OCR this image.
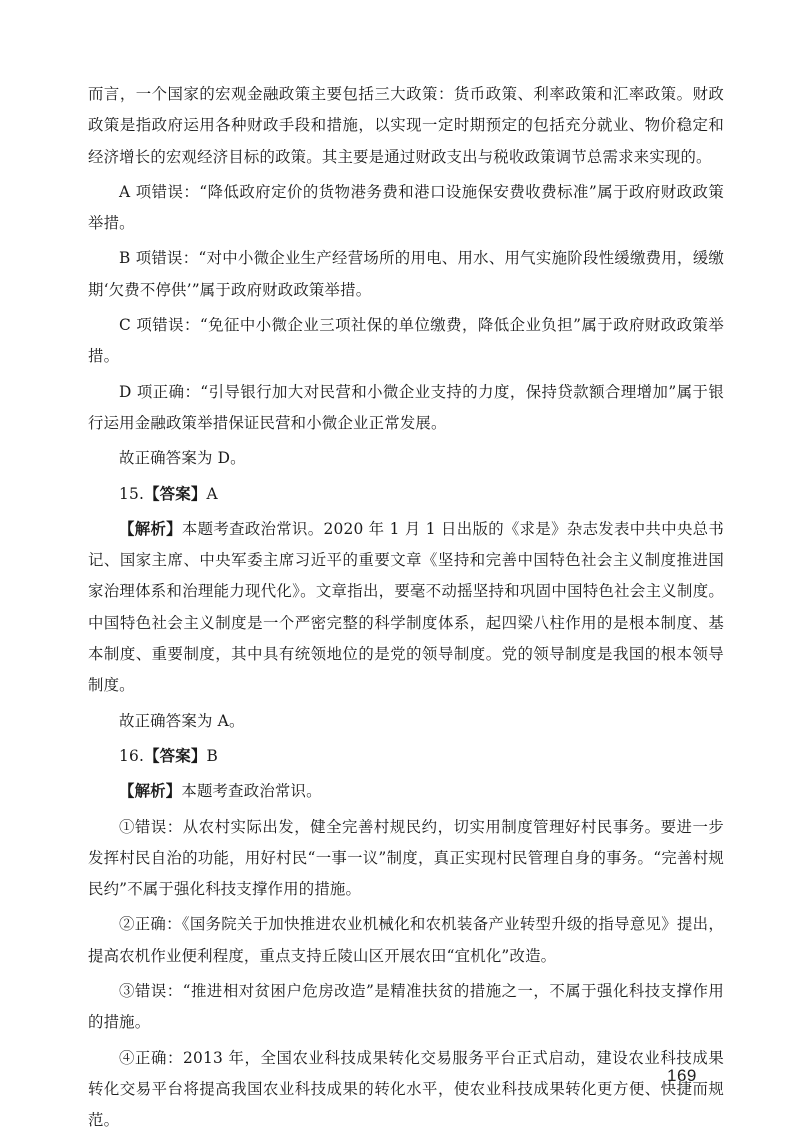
而言，一个国家的宏观金融政策主要包括三大政策：货币政策、利率政策和汇率政策。财政政策是指政府运用各种财政手段和措施，以实现一定时期预定的包括充分就业、物价稳定和经济增长的宏观经济目标的政策。其主要是通过财政支出与税收政策调节总需求来实现的。

A 项错误：“降低政府定价的货物港务费和港口设施保安费收费标准”属于政府财政政策举措。

B 项错误：“对中小微企业生产经营场所的用电、用水、用气实施阶段性缓缴费用，缓缴期‘欠费不停供’”属于政府财政政策举措。

C 项错误：“免征中小微企业三项社保的单位缴费，降低企业负担”属于政府财政政策举措。

D 项正确：“引导银行加大对民营和小微企业支持的力度，保持贷款额合理增加”属于银行运用金融政策举措保证民营和小微企业正常发展。

故正确答案为 D。

15.【答案】A

【解析】本题考查政治常识。2020 年 1 月 1 日出版的《求是》杂志发表中共中央总书记、国家主席、中央军委主席习近平的重要文章《坚持和完善中国特色社会主义制度推进国家治理体系和治理能力现代化》。文章指出，要毫不动摇坚持和巩固中国特色社会主义制度。中国特色社会主义制度是一个严密完整的科学制度体系，起四梁八柱作用的是根本制度、基本制度、重要制度，其中具有统领地位的是党的领导制度。党的领导制度是我国的根本领导制度。

故正确答案为 A。

16.【答案】B

【解析】本题考查政治常识。

①错误：从农村实际出发，健全完善村规民约，切实用制度管理好村民事务。要进一步发挥村民自治的功能，用好村民“一事一议”制度，真正实现村民管理自身的事务。“完善村规民约”不属于强化科技支撑作用的措施。

②正确：《国务院关于加快推进农业机械化和农机装备产业转型升级的指导意见》提出，提高农机作业便利程度，重点支持丘陵山区开展农田“宜机化”改造。

③错误：“推进相对贫困户危房改造”是精准扶贫的措施之一，不属于强化科技支撑作用的措施。

④正确：2013 年，全国农业科技成果转化交易服务平台正式启动，建设农业科技成果转化交易平台将提高我国农业科技成果的转化水平，使农业科技成果转化更方便、快捷而规范。

169
